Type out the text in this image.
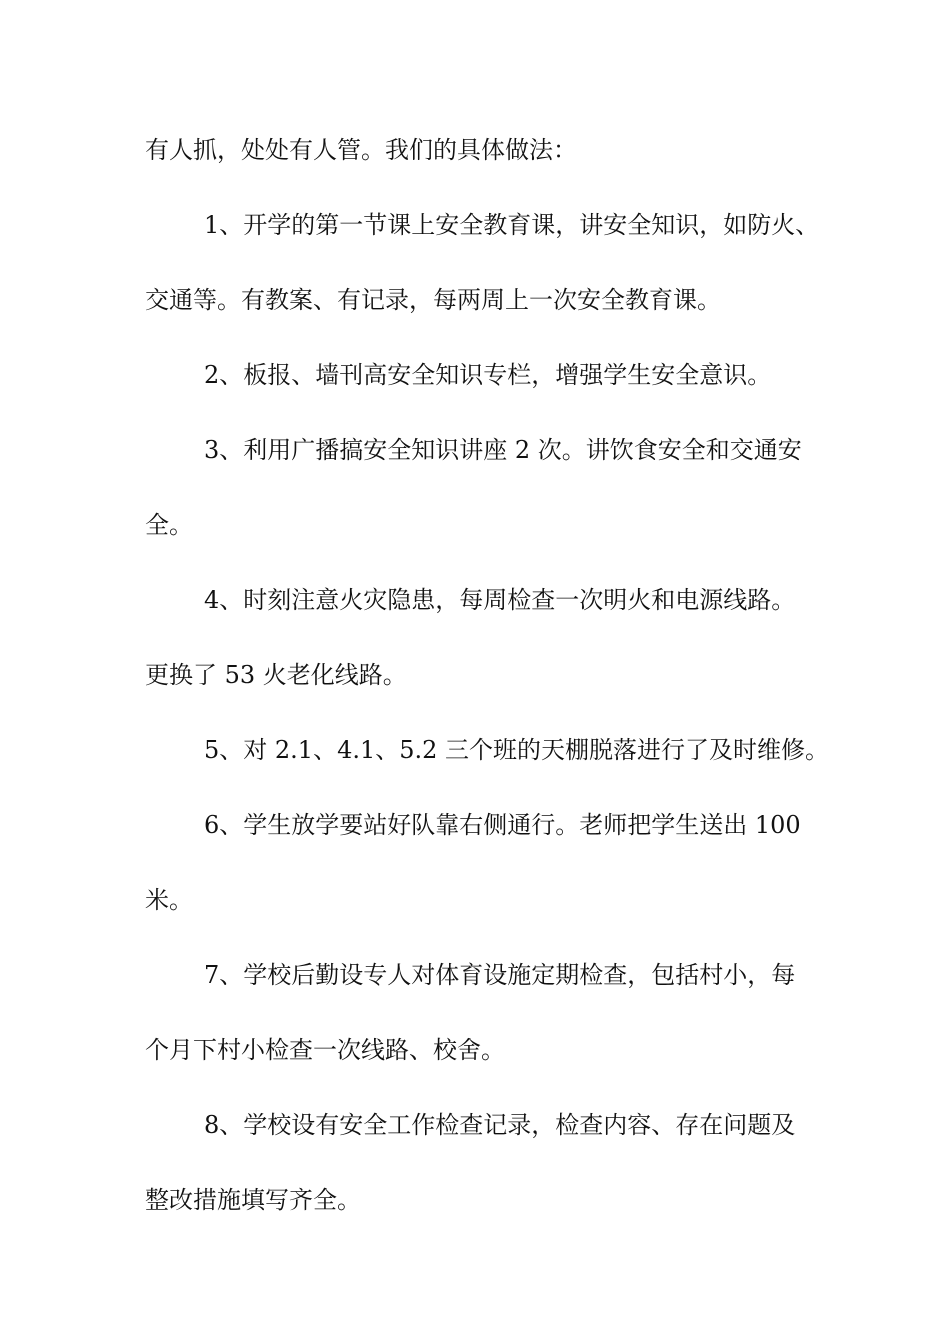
有人抓，处处有人管。我们的具体做法：

1、开学的第一节课上安全教育课，讲安全知识，如防火、

交通等。有教案、有记录，每两周上一次安全教育课。

2、板报、墙刊高安全知识专栏，增强学生安全意识。

3、利用广播搞安全知识讲座 2 次。讲饮食安全和交通安

全。

4、时刻注意火灾隐患，每周检查一次明火和电源线路。

更换了 53 火老化线路。

5、对 2.1、4.1、5.2 三个班的天棚脱落进行了及时维修。

6、学生放学要站好队靠右侧通行。老师把学生送出 100

米。

7、学校后勤设专人对体育设施定期检查，包括村小，每

个月下村小检查一次线路、校舍。

8、学校设有安全工作检查记录，检查内容、存在问题及

整改措施填写齐全。
